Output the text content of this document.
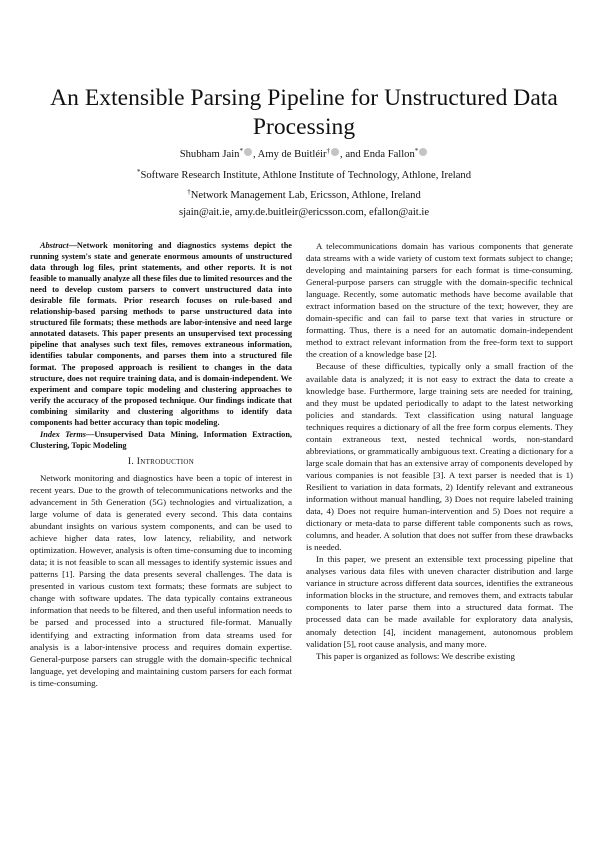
An Extensible Parsing Pipeline for Unstructured Data Processing
Shubham Jain* , Amy de Buitléir† , and Enda Fallon*
*Software Research Institute, Athlone Institute of Technology, Athlone, Ireland
†Network Management Lab, Ericsson, Athlone, Ireland
sjain@ait.ie, amy.de.buitleir@ericsson.com, efallon@ait.ie

Abstract—Network monitoring and diagnostics systems depict the running system's state and generate enormous amounts of unstructured data through log files, print statements, and other reports. It is not feasible to manually analyze all these files due to limited resources and the need to develop custom parsers to convert unstructured data into desirable file formats. Prior research focuses on rule-based and relationship-based parsing methods to parse unstructured data into structured file formats; these methods are labor-intensive and need large annotated datasets. This paper presents an unsupervised text processing pipeline that analyses such text files, removes extraneous information, identifies tabular components, and parses them into a structured file format. The proposed approach is resilient to changes in the data structure, does not require training data, and is domain-independent. We experiment and compare topic modeling and clustering approaches to verify the accuracy of the proposed technique. Our findings indicate that combining similarity and clustering algorithms to identify data components had better accuracy than topic modeling.

Index Terms—Unsupervised Data Mining, Information Extraction, Clustering, Topic Modeling

I. Introduction

Network monitoring and diagnostics have been a topic of interest in recent years. Due to the growth of telecommunications networks and the advancement in 5th Generation (5G) technologies and virtualization, a large volume of data is generated every second. This data contains abundant insights on various system components, and can be used to achieve higher data rates, low latency, reliability, and network optimization. However, analysis is often time-consuming due to incoming data; it is not feasible to scan all messages to identify systemic issues and patterns [1]. Parsing the data presents several challenges. The data is presented in various custom text formats; these formats are subject to change with software updates. The data typically contains extraneous information that needs to be filtered, and then useful information needs to be parsed and processed into a structured file-format. Manually identifying and extracting information from data streams used for analysis is a labor-intensive process and requires domain expertise. General-purpose parsers can struggle with the domain-specific technical language, yet developing and maintaining custom parsers for each format is time-consuming.

A telecommunications domain has various components that generate data streams with a wide variety of custom text formats subject to change; developing and maintaining parsers for each format is time-consuming. General-purpose parsers can struggle with the domain-specific technical language. Recently, some automatic methods have become available that extract information based on the structure of the text; however, they are domain-specific and can fail to parse text that varies in structure or formatting. Thus, there is a need for an automatic domain-independent method to extract relevant information from the free-form text to support the creation of a knowledge base [2].

Because of these difficulties, typically only a small fraction of the available data is analyzed; it is not easy to extract the data to create a knowledge base. Furthermore, large training sets are needed for training, and they must be updated periodically to adapt to the latest networking policies and standards. Text classification using natural language techniques requires a dictionary of all the free form corpus elements. They contain extraneous text, nested technical words, non-standard abbreviations, or grammatically ambiguous text. Creating a dictionary for a large scale domain that has an extensive array of components developed by various companies is not feasible [3]. A text parser is needed that is 1) Resilient to variation in data formats, 2) Identify relevant and extraneous information without manual handling, 3) Does not require labeled training data, 4) Does not require human-intervention and 5) Does not require a dictionary or meta-data to parse different table components such as rows, columns, and header. A solution that does not suffer from these drawbacks is needed.

In this paper, we present an extensible text processing pipeline that analyses various data files with uneven character distribution and large variance in structure across different data sources, identifies the extraneous information blocks in the structure, and removes them, and extracts tabular components to later parse them into a structured data format. The processed data can be made available for exploratory data analysis, anomaly detection [4], incident management, autonomous problem validation [5], root cause analysis, and many more.

This paper is organized as follows: We describe existing
